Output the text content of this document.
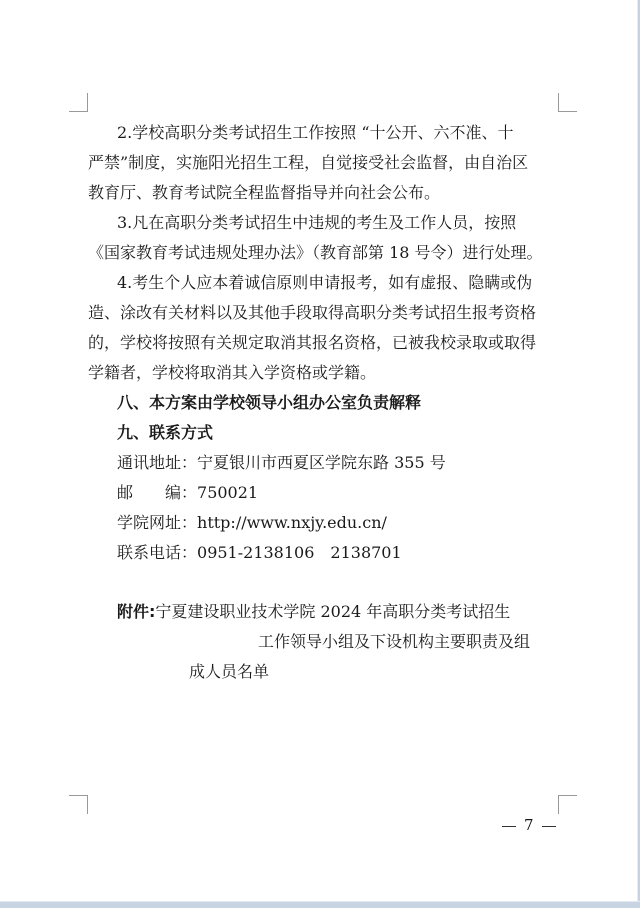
2.学校高职分类考试招生工作按照 “十公开、六不准、十
严禁”制度，实施阳光招生工程，自觉接受社会监督，由自治区
教育厅、教育考试院全程监督指导并向社会公布。
3.凡在高职分类考试招生中违规的考生及工作人员，按照
《国家教育考试违规处理办法》（教育部第 18 号令）进行处理。
4.考生个人应本着诚信原则申请报考，如有虚报、隐瞒或伪
造、涂改有关材料以及其他手段取得高职分类考试招生报考资格
的，学校将按照有关规定取消其报名资格，已被我校录取或取得
学籍者，学校将取消其入学资格或学籍。
八、本方案由学校领导小组办公室负责解释
九、联系方式
通讯地址：宁夏银川市西夏区学院东路 355 号
邮　　编：750021
学院网址：http://www.nxjy.edu.cn/
联系电话：0951-2138106　2138701
附件:宁夏建设职业技术学院 2024 年高职分类考试招生
工作领导小组及下设机构主要职责及组
成人员名单
7
